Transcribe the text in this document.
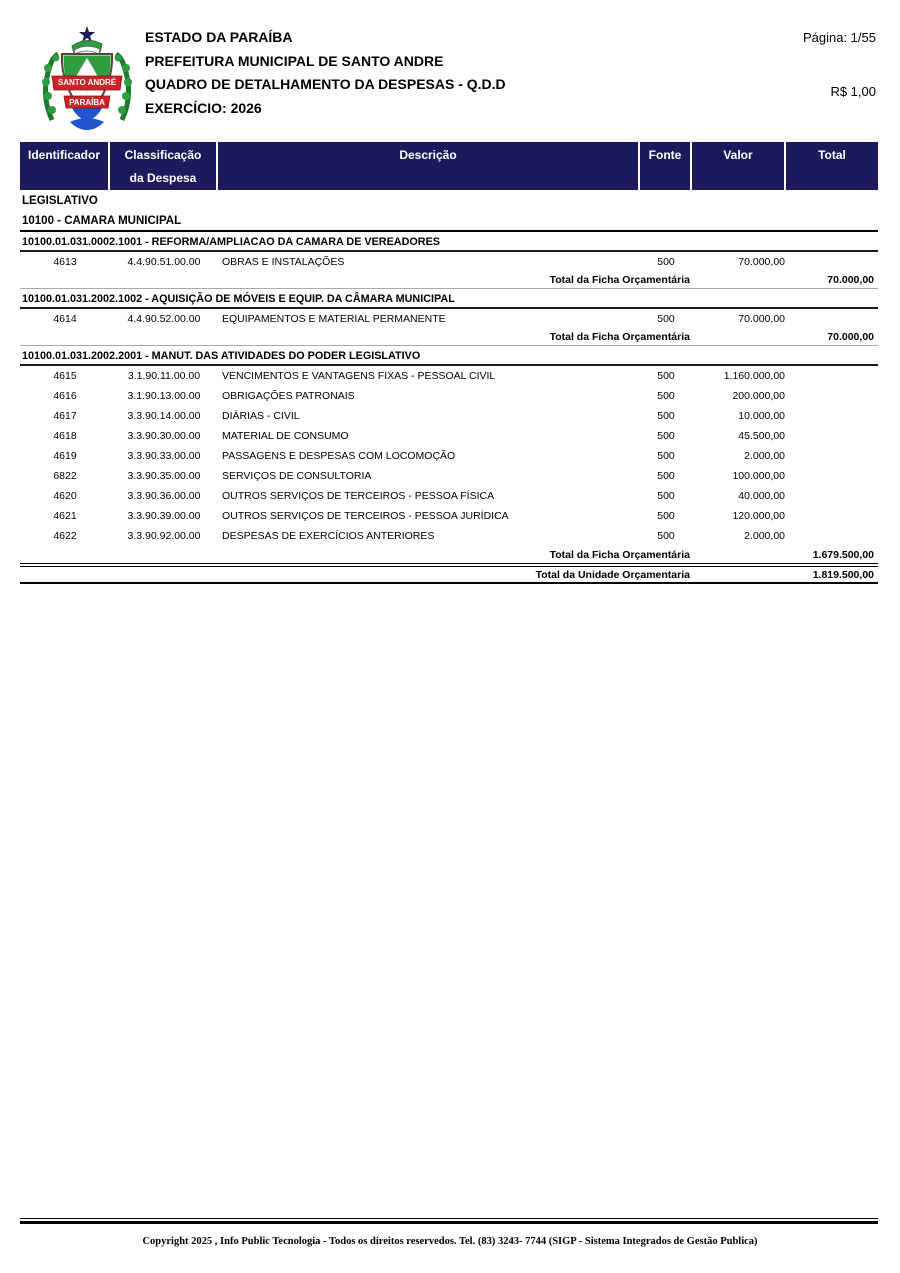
SANTO ANDRÉ
PARAÍBA
ESTADO DA PARAÍBA
PREFEITURA MUNICIPAL DE SANTO ANDRE
QUADRO DE DETALHAMENTO DA DESPESAS - Q.D.D
EXERCÍCIO: 2026
Página: 1/55
R$ 1,00
Identificador	Classificação
da Despesa
Descrição	Fonte	Valor	Total
LEGISLATIVO
10100 - CAMARA MUNICIPAL
10100.01.031.0002.1001 - REFORMA/AMPLIACAO DA CAMARA DE VEREADORES
4613	4.4.90.51.00.00	OBRAS E INSTALAÇÕES	500	70.000,00
Total da Ficha Orçamentária	70.000,00
10100.01.031.2002.1002 - AQUISIÇÃO DE MÓVEIS E EQUIP. DA CÂMARA MUNICIPAL
4614	4.4.90.52.00.00	EQUIPAMENTOS E MATERIAL PERMANENTE	500	70.000,00
Total da Ficha Orçamentária	70.000,00
10100.01.031.2002.2001 - MANUT. DAS ATIVIDADES DO PODER LEGISLATIVO
4615	3.1.90.11.00.00	VENCIMENTOS E VANTAGENS FIXAS - PESSOAL CIVIL	500	1.160.000,00
4616	3.1.90.13.00.00	OBRIGAÇÕES PATRONAIS	500	200.000,00
4617	3.3.90.14.00.00	DIÁRIAS - CIVIL	500	10.000,00
4618	3.3.90.30.00.00	MATERIAL DE CONSUMO	500	45.500,00
4619	3.3.90.33.00.00	PASSAGENS E DESPESAS COM LOCOMOÇÃO	500	2.000,00
6822	3.3.90.35.00.00	SERVIÇOS DE CONSULTORIA	500	100.000,00
4620	3.3.90.36.00.00	OUTROS SERVIÇOS DE TERCEIROS - PESSOA FÍSICA	500	40.000,00
4621	3.3.90.39.00.00	OUTROS SERVIÇOS DE TERCEIROS - PESSOA JURÍDICA	500	120.000,00
4622	3.3.90.92.00.00	DESPESAS DE EXERCÍCIOS ANTERIORES	500	2.000,00
Total da Ficha Orçamentária	1.679.500,00
Total da Unidade Orçamentaria	1.819.500,00
Copyright 2025 , Info Public Tecnologia - Todos os direitos reservedos. Tel. (83) 3243- 7744 (SIGP - Sistema Integrados de Gestão Publica)
